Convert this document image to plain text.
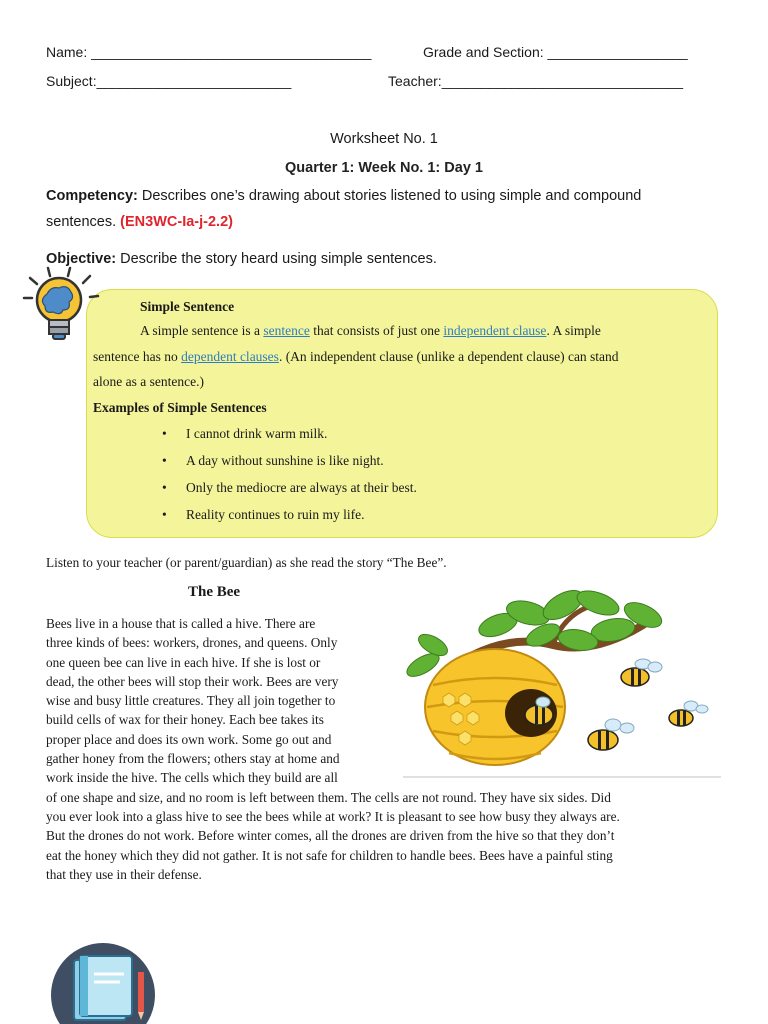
Name: ____________________________________	Grade and Section: __________________
Subject:_________________________	Teacher:_______________________________
Worksheet No. 1
Quarter 1: Week No. 1: Day 1
Competency: Describes one’s drawing about stories listened to using simple and compound
sentences. (EN3WC-Ia-j-2.2)
Objective: Describe the story heard using simple sentences.
Simple Sentence
A simple sentence is a sentence that consists of just one independent clause. A simple
sentence has no dependent clauses. (An independent clause (unlike a dependent clause) can stand
alone as a sentence.)
Examples of Simple Sentences
• I cannot drink warm milk.
• A day without sunshine is like night.
• Only the mediocre are always at their best.
• Reality continues to ruin my life.
Listen to your teacher (or parent/guardian) as she read the story “The Bee”.
The Bee
Bees live in a house that is called a hive. There are
three kinds of bees: workers, drones, and queens. Only
one queen bee can live in each hive. If she is lost or
dead, the other bees will stop their work. Bees are very
wise and busy little creatures. They all join together to
build cells of wax for their honey. Each bee takes its
proper place and does its own work. Some go out and
gather honey from the flowers; others stay at home and
work inside the hive. The cells which they build are all
of one shape and size, and no room is left between them. The cells are not round. They have six sides. Did
you ever look into a glass hive to see the bees while at work? It is pleasant to see how busy they always are.
But the drones do not work. Before winter comes, all the drones are driven from the hive so that they don’t
eat the honey which they did not gather. It is not safe for children to handle bees. Bees have a painful sting
that they use in their defense.
